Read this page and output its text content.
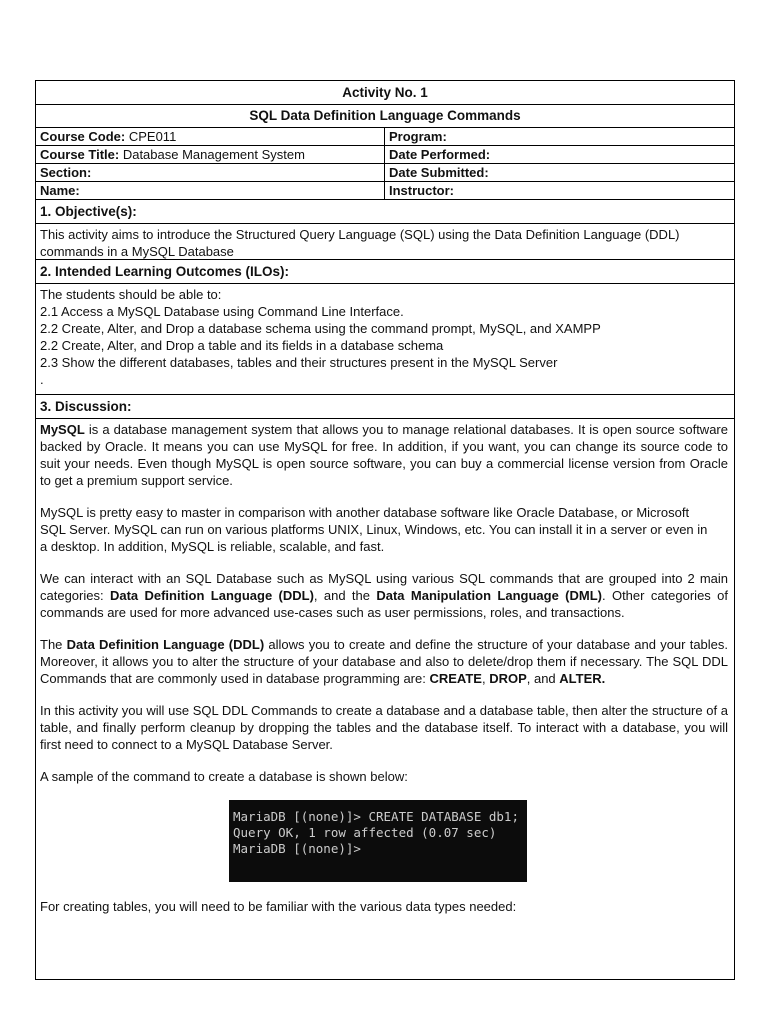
Activity No. 1
SQL Data Definition Language Commands
Course Code: CPE011	Program:
Course Title: Database Management System	Date Performed:
Section:	Date Submitted:
Name:	Instructor:
1. Objective(s):
This activity aims to introduce the Structured Query Language (SQL) using the Data Definition Language (DDL) commands in a MySQL Database
2. Intended Learning Outcomes (ILOs):
The students should be able to:
2.1 Access a MySQL Database using Command Line Interface.
2.2 Create, Alter, and Drop a database schema using the command prompt, MySQL, and XAMPP
2.2 Create, Alter, and Drop a table and its fields in a database schema
2.3 Show the different databases, tables and their structures present in the MySQL Server
.
3. Discussion:

MySQL is a database management system that allows you to manage relational databases. It is open source software backed by Oracle. It means you can use MySQL for free. In addition, if you want, you can change its source code to suit your needs. Even though MySQL is open source software, you can buy a commercial license version from Oracle to get a premium support service.

MySQL is pretty easy to master in comparison with another database software like Oracle Database, or Microsoft
SQL Server. MySQL can run on various platforms UNIX, Linux, Windows, etc. You can install it in a server or even in
a desktop. In addition, MySQL is reliable, scalable, and fast.

We can interact with an SQL Database such as MySQL using various SQL commands that are grouped into 2 main categories: Data Definition Language (DDL), and the Data Manipulation Language (DML). Other categories of commands are used for more advanced use-cases such as user permissions, roles, and transactions.

The Data Definition Language (DDL) allows you to create and define the structure of your database and your tables. Moreover, it allows you to alter the structure of your database and also to delete/drop them if necessary. The SQL DDL Commands that are commonly used in database programming are: CREATE, DROP, and ALTER.

In this activity you will use SQL DDL Commands to create a database and a database table, then alter the structure of a table, and finally perform cleanup by dropping the tables and the database itself. To interact with a database, you will first need to connect to a MySQL Database Server.

A sample of the command to create a database is shown below:

MariaDB [(none)]> CREATE DATABASE db1;
Query OK, 1 row affected (0.07 sec)
MariaDB [(none)]>

For creating tables, you will need to be familiar with the various data types needed:
